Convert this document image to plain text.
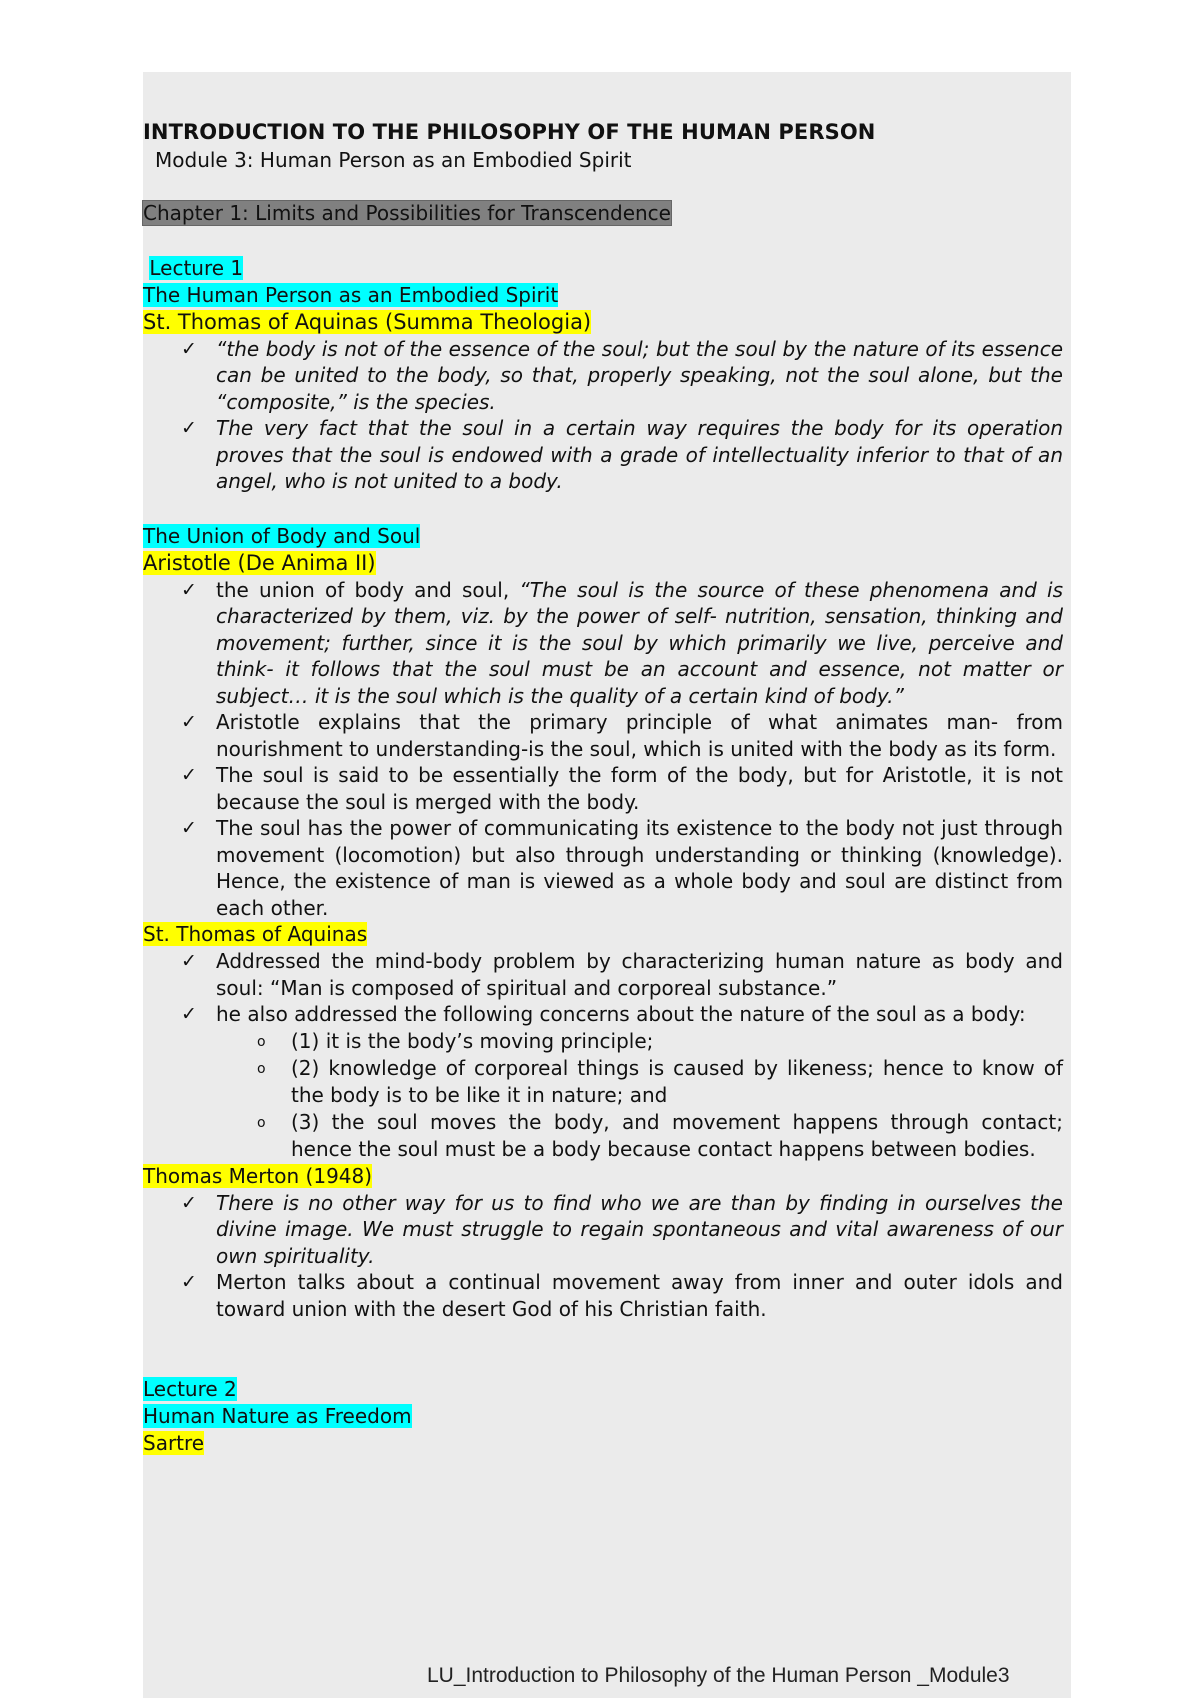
INTRODUCTION TO THE PHILOSOPHY OF THE HUMAN PERSON
Module 3: Human Person as an Embodied Spirit
Chapter 1: Limits and Possibilities for Transcendence
Lecture 1
The Human Person as an Embodied Spirit
St. Thomas of Aquinas (Summa Theologia)
✓ “the body is not of the essence of the soul; but the soul by the nature of its essence can be united to the body, so that, properly speaking, not the soul alone, but the “composite,” is the species.
✓ The very fact that the soul in a certain way requires the body for its operation proves that the soul is endowed with a grade of intellectuality inferior to that of an angel, who is not united to a body.
The Union of Body and Soul
Aristotle (De Anima II)
✓ the union of body and soul, “The soul is the source of these phenomena and is characterized by them, viz. by the power of self- nutrition, sensation, thinking and movement; further, since it is the soul by which primarily we live, perceive and think- it follows that the soul must be an account and essence, not matter or subject… it is the soul which is the quality of a certain kind of body.”
✓ Aristotle explains that the primary principle of what animates man- from nourishment to understanding-is the soul, which is united with the body as its form.
✓ The soul is said to be essentially the form of the body, but for Aristotle, it is not because the soul is merged with the body.
✓ The soul has the power of communicating its existence to the body not just through movement (locomotion) but also through understanding or thinking (knowledge). Hence, the existence of man is viewed as a whole body and soul are distinct from each other.
St. Thomas of Aquinas
✓ Addressed the mind-body problem by characterizing human nature as body and soul: “Man is composed of spiritual and corporeal substance.”
✓ he also addressed the following concerns about the nature of the soul as a body:
o (1) it is the body’s moving principle;
o (2) knowledge of corporeal things is caused by likeness; hence to know of the body is to be like it in nature; and
o (3) the soul moves the body, and movement happens through contact; hence the soul must be a body because contact happens between bodies.
Thomas Merton (1948)
✓ There is no other way for us to find who we are than by finding in ourselves the divine image. We must struggle to regain spontaneous and vital awareness of our own spirituality.
✓ Merton talks about a continual movement away from inner and outer idols and toward union with the desert God of his Christian faith.
Lecture 2
Human Nature as Freedom
Sartre
LU_Introduction to Philosophy of the Human Person _Module3
